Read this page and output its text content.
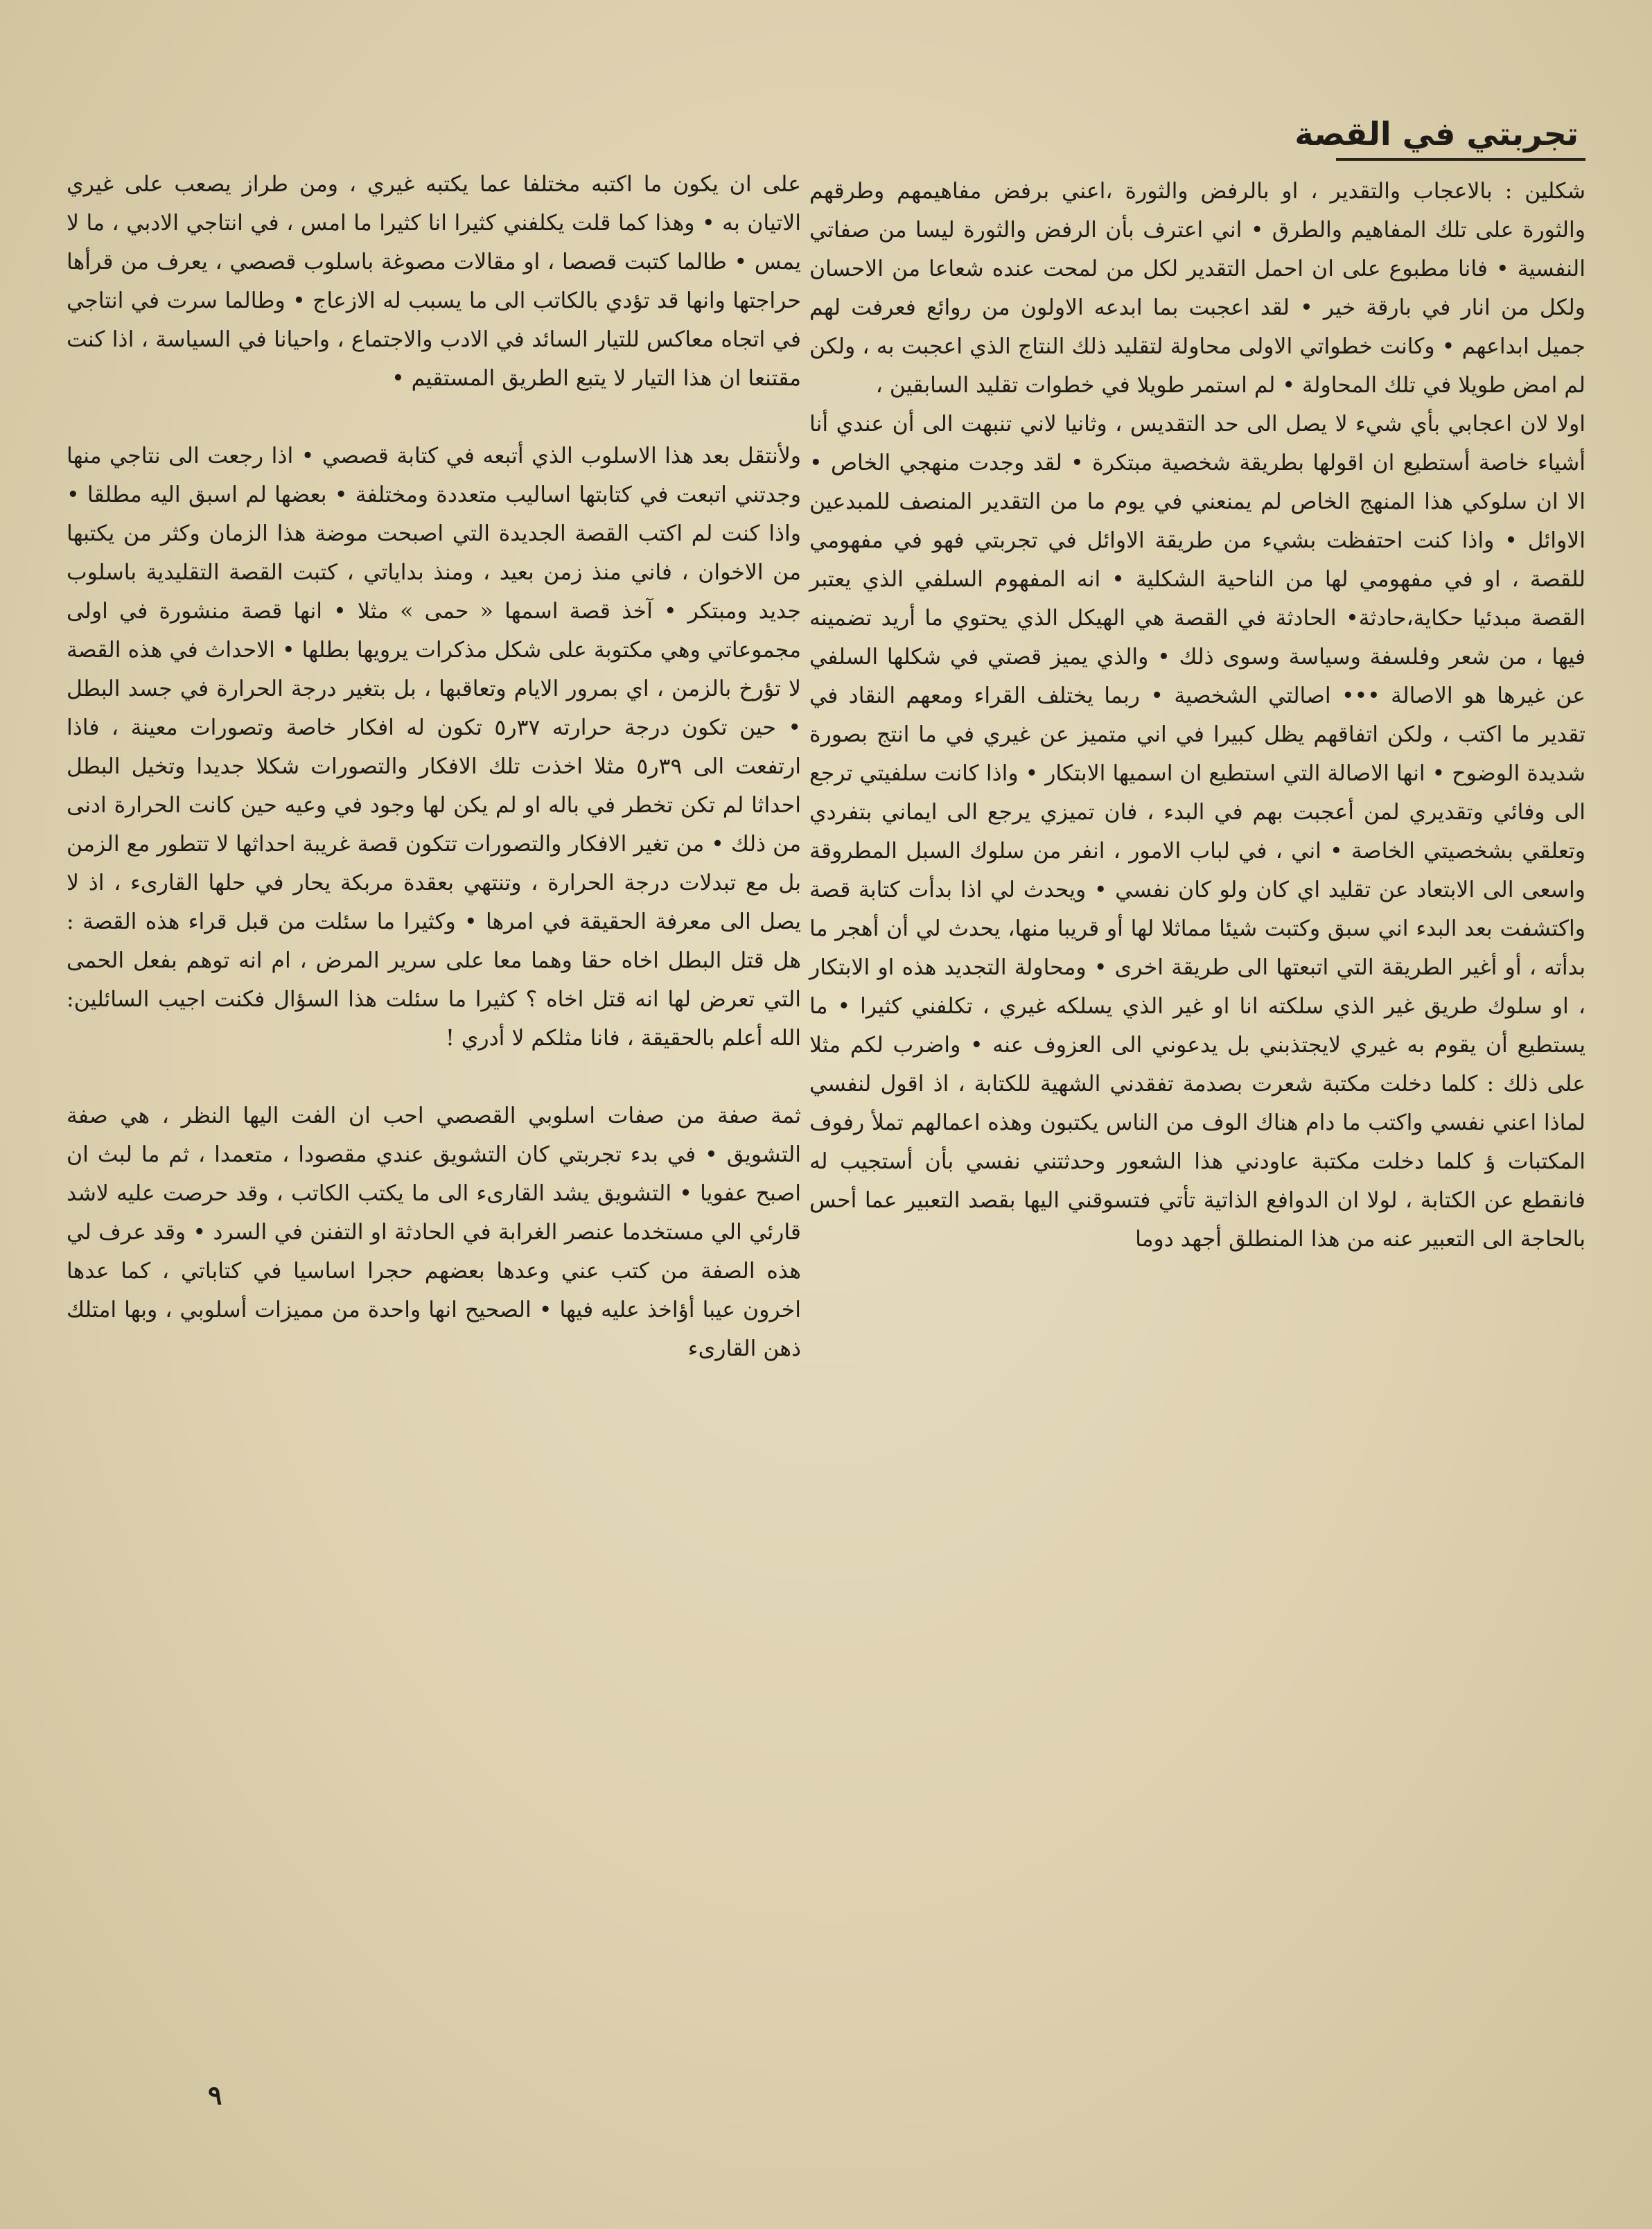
تجربتي في القصة

شكلين : بالاعجاب والتقدير ، او بالرفض والثورة ،اعني برفض مفاهيمهم وطرقهم والثورة على تلك المفاهيم والطرق • اني اعترف بأن الرفض والثورة ليسا من صفاتي النفسية • فانا مطبوع على ان احمل التقدير لكل من لمحت عنده شعاعا من الاحسان ولكل من انار في بارقة خير • لقد اعجبت بما ابدعه الاولون من روائع فعرفت لهم جميل ابداعهم • وكانت خطواتي الاولى محاولة لتقليد ذلك النتاج الذي اعجبت به ، ولكن لم امض طويلا في تلك المحاولة • لم استمر طويلا في خطوات تقليد السابقين ،

اولا لان اعجابي بأي شيء لا يصل الى حد التقديس ، وثانيا لاني تنبهت الى أن عندي أنا أشياء خاصة أستطيع ان اقولها بطريقة شخصية مبتكرة • لقد وجدت منهجي الخاص • الا ان سلوكي هذا المنهج الخاص لم يمنعني في يوم ما من التقدير المنصف للمبدعين الاوائل • واذا كنت احتفظت بشيء من طريقة الاوائل في تجربتي فهو في مفهومي للقصة ، او في مفهومي لها من الناحية الشكلية • انه المفهوم السلفي الذي يعتبر القصة مبدئيا حكاية،حادثة• الحادثة في القصة هي الهيكل الذي يحتوي ما أريد تضمينه فيها ، من شعر وفلسفة وسياسة وسوى ذلك • والذي يميز قصتي في شكلها السلفي عن غيرها هو الاصالة ••• اصالتي الشخصية • ربما يختلف القراء ومعهم النقاد في تقدير ما اكتب ، ولكن اتفاقهم يظل كبيرا في اني متميز عن غيري في ما انتج بصورة شديدة الوضوح • انها الاصالة التي استطيع ان اسميها الابتكار • واذا كانت سلفيتي ترجع الى وفائي وتقديري لمن أعجبت بهم في البدء ، فان تميزي يرجع الى ايماني بتفردي وتعلقي بشخصيتي الخاصة • اني ، في لباب الامور ، انفر من سلوك السبل المطروقة واسعى الى الابتعاد عن تقليد اي كان ولو كان نفسي • ويحدث لي اذا بدأت كتابة قصة واكتشفت بعد البدء اني سبق وكتبت شيئا مماثلا لها أو قريبا منها، يحدث لي أن أهجر ما بدأته ، أو أغير الطريقة التي اتبعتها الى طريقة اخرى • ومحاولة التجديد هذه او الابتكار ، او سلوك طريق غير الذي سلكته انا او غير الذي يسلكه غيري ، تكلفني كثيرا • ما يستطيع أن يقوم به غيري لايجتذبني بل يدعوني الى العزوف عنه • واضرب لكم مثلا على ذلك : كلما دخلت مكتبة شعرت بصدمة تفقدني الشهية للكتابة ، اذ اقول لنفسي لماذا اعني نفسي واكتب ما دام هناك الوف من الناس يكتبون وهذه اعمالهم تملأ رفوف المكتبات ؤ كلما دخلت مكتبة عاودني هذا الشعور وحدثتني نفسي بأن أستجيب له فانقطع عن الكتابة ، لولا ان الدوافع الذاتية تأتي فتسوقني اليها بقصد التعبير عما أحس بالحاجة الى التعبير عنه من هذا المنطلق أجهد دوما

على ان يكون ما اكتبه مختلفا عما يكتبه غيري ، ومن طراز يصعب على غيري الاتيان به • وهذا كما قلت يكلفني كثيرا انا كثيرا ما امس ، في انتاجي الادبي ، ما لا يمس • طالما كتبت قصصا ، او مقالات مصوغة باسلوب قصصي ، يعرف من قرأها حراجتها وانها قد تؤدي بالكاتب الى ما يسبب له الازعاج • وطالما سرت في انتاجي في اتجاه معاكس للتيار السائد في الادب والاجتماع ، واحيانا في السياسة ، اذا كنت مقتنعا ان هذا التيار لا يتبع الطريق المستقيم •

ولأنتقل بعد هذا الاسلوب الذي أتبعه في كتابة قصصي • اذا رجعت الى نتاجي منها وجدتني اتبعت في كتابتها اساليب متعددة ومختلفة • بعضها لم اسبق اليه مطلقا • واذا كنت لم اكتب القصة الجديدة التي اصبحت موضة هذا الزمان وكثر من يكتبها من الاخوان ، فاني منذ زمن بعيد ، ومنذ بداياتي ، كتبت القصة التقليدية باسلوب جديد ومبتكر • آخذ قصة اسمها « حمى » مثلا • انها قصة منشورة في اولى مجموعاتي وهي مكتوبة على شكل مذكرات يرويها بطلها • الاحداث في هذه القصة لا تؤرخ بالزمن ، اي بمرور الايام وتعاقبها ، بل بتغير درجة الحرارة في جسد البطل • حين تكون درجة حرارته ٣٧ر٥ تكون له افكار خاصة وتصورات معينة ، فاذا ارتفعت الى ٣٩ر٥ مثلا اخذت تلك الافكار والتصورات شكلا جديدا وتخيل البطل احداثا لم تكن تخطر في باله او لم يكن لها وجود في وعيه حين كانت الحرارة ادنى من ذلك • من تغير الافكار والتصورات تتكون قصة غريبة احداثها لا تتطور مع الزمن بل مع تبدلات درجة الحرارة ، وتنتهي بعقدة مربكة يحار في حلها القارىء ، اذ لا يصل الى معرفة الحقيقة في امرها • وكثيرا ما سئلت من قبل قراء هذه القصة : هل قتل البطل اخاه حقا وهما معا على سرير المرض ، ام انه توهم بفعل الحمى التي تعرض لها انه قتل اخاه ؟ كثيرا ما سئلت هذا السؤال فكنت اجيب السائلين: الله أعلم بالحقيقة ، فانا مثلكم لا أدري !

ثمة صفة من صفات اسلوبي القصصي احب ان الفت اليها النظر ، هي صفة التشويق • في بدء تجربتي كان التشويق عندي مقصودا ، متعمدا ، ثم ما لبث ان اصبح عفويا • التشويق يشد القارىء الى ما يكتب الكاتب ، وقد حرصت عليه لاشد قارئي الي مستخدما عنصر الغرابة في الحادثة او التفنن في السرد • وقد عرف لي هذه الصفة من كتب عني وعدها بعضهم حجرا اساسيا في كتاباتي ، كما عدها اخرون عيبا أؤاخذ عليه فيها • الصحيح انها واحدة من مميزات أسلوبي ، وبها امتلك ذهن القارىء

٩
